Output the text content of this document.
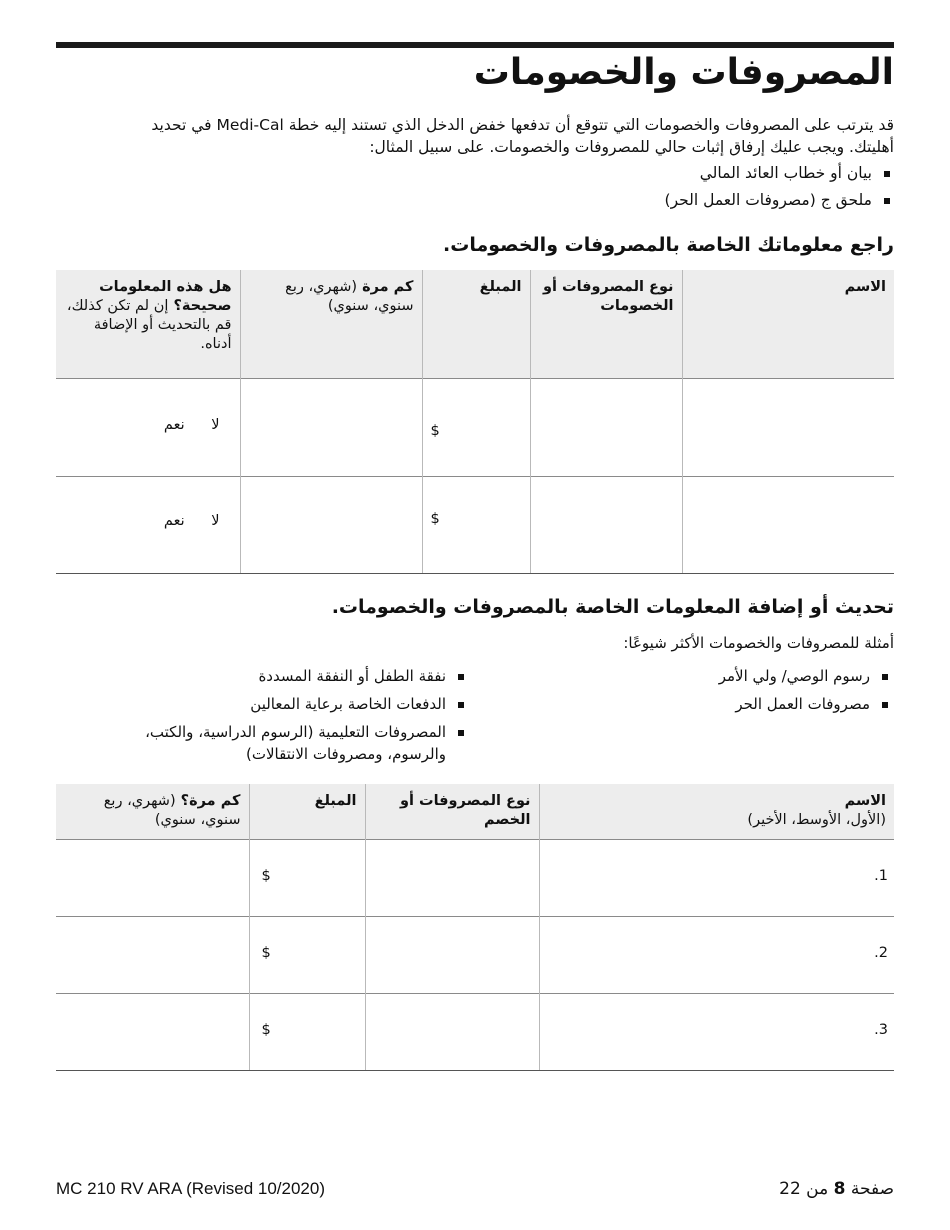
المصروفات والخصومات

قد يترتب على المصروفات والخصومات التي تتوقع أن تدفعها خفض الدخل الذي تستند إليه خطة Medi-Cal في تحديد

أهليتك. ويجب عليك إرفاق إثبات حالي للمصروفات والخصومات. على سبيل المثال:

بيان أو خطاب العائد المالي
ملحق ج (مصروفات العمل الحر)
راجع معلوماتك الخاصة بالمصروفات والخصومات.
الاسم	نوع المصروفات أو الخصومات	المبلغ	كم مرة (شهري، ربع سنوي، سنوي)	هل هذه المعلومات صحيحة؟ إن لم تكن كذلك، قم بالتحديث أو الإضافة أدناه.
		$		لا نعم
		$		لا نعم
تحديث أو إضافة المعلومات الخاصة بالمصروفات والخصومات.
أمثلة للمصروفات والخصومات الأكثر شيوعًا:
رسوم الوصي/ ولي الأمر
مصروفات العمل الحر
نفقة الطفل أو النفقة المسددة
الدفعات الخاصة برعاية المعالين
المصروفات التعليمية (الرسوم الدراسية، والكتب، والرسوم، ومصروفات الانتقالات)
الاسم
(الأول، الأوسط، الأخير)	نوع المصروفات أو الخصم	المبلغ	كم مرة؟ (شهري، ربع سنوي، سنوي)
1.		$	
2.		$	
3.		$	
MC 210 RV ARA (Revised 10/2020)	صفحة 8 من 22
